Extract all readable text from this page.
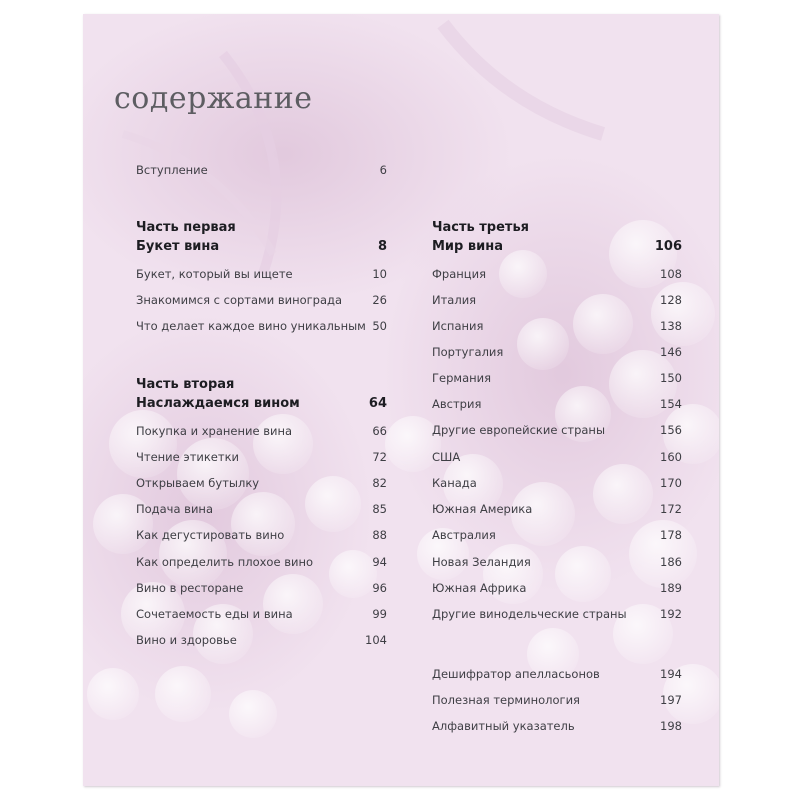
содержание
Вступление	6
Часть первая
Букет вина	8
Букет, который вы ищете	10
Знакомимся с сортами винограда	26
Что делает каждое вино уникальным 50
Часть вторая
Наслаждаемся вином	64
Покупка и хранение вина	66
Чтение этикетки	72
Открываем бутылку	82
Подача вина	85
Как дегустировать вино	88
Как определить плохое вино	94
Вино в ресторане	96
Сочетаемость еды и вина	99
Вино и здоровье	104
Часть третья
Мир вина	106
Франция	108
Италия	128
Испания	138
Португалия	146
Германия	150
Австрия	154
Другие европейские страны	156
США	160
Канада	170
Южная Америка	172
Австралия	178
Новая Зеландия	186
Южная Африка	189
Другие винодельческие страны	192
Дешифратор апелласьонов	194
Полезная терминология	197
Алфавитный указатель	198
